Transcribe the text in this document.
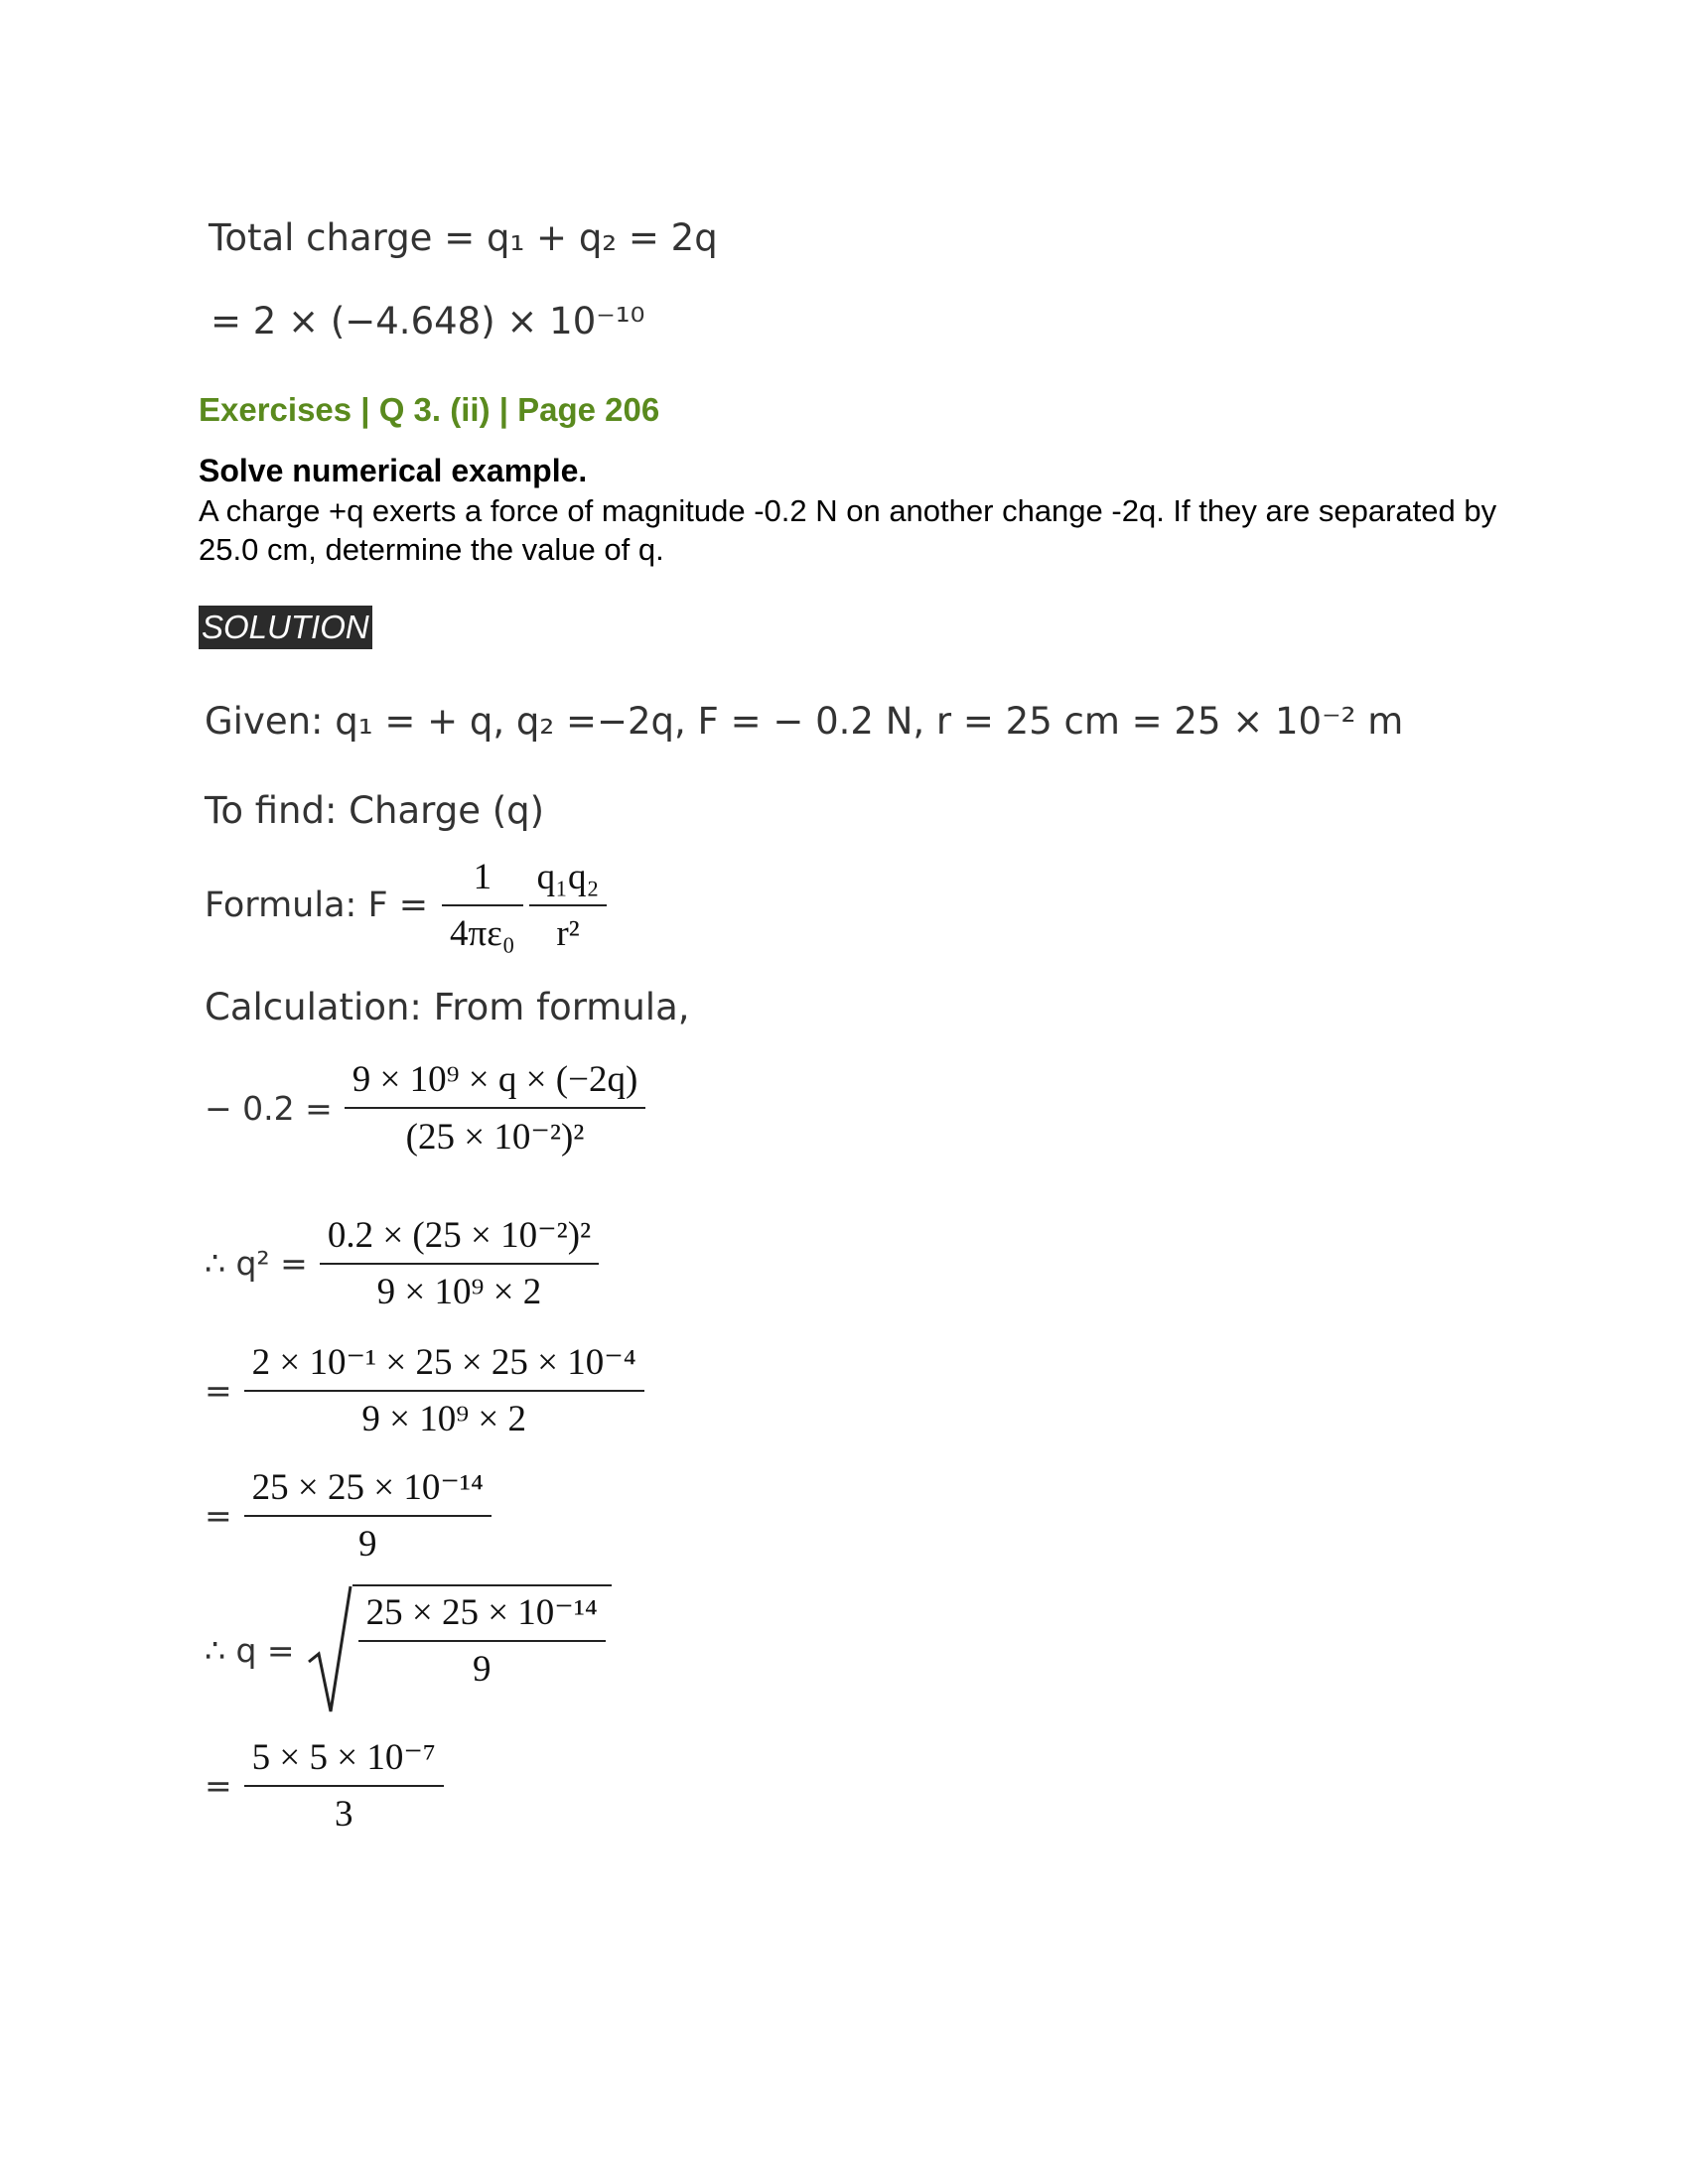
Total charge = q₁ + q₂ = 2q
= 2 × (−4.648) × 10⁻¹⁰
Exercises | Q 3. (ii) | Page 206
Solve numerical example.
A charge +q exerts a force of magnitude -0.2 N on another change -2q. If they are separated by 25.0 cm, determine the value of q.
SOLUTION
Given: q₁ = + q, q₂ =−2q, F = − 0.2 N, r = 25 cm = 25 × 10⁻² m
To find: Charge (q)
Formula: $F = \frac{1}{\text{4πε₀}} \frac{\text{q₁q₂}}{\text{r²}}$
Calculation: From formula,
− $0.2 = \frac{\text{9 × 10⁹ × q × (−2q)}}{\text{(25 × 10⁻²)²}}$
∴ $q^2 = \frac{\text{0.2 × (25 × 10⁻²)²}}{\text{9 × 10⁹ × 2}}$
= $\frac{\text{2 × 10⁻¹ × 25 × 25 × 10⁻⁴}}{\text{9 × 10⁹ × 2}}$
= $\frac{\text{25 × 25 × 10⁻¹⁴}}{9}$
∴ $q = \frac{\text{25 × 25 × 10⁻¹⁴}}{9}$
= $\frac{\text{5 × 5 × 10⁻⁷}}{3}$
